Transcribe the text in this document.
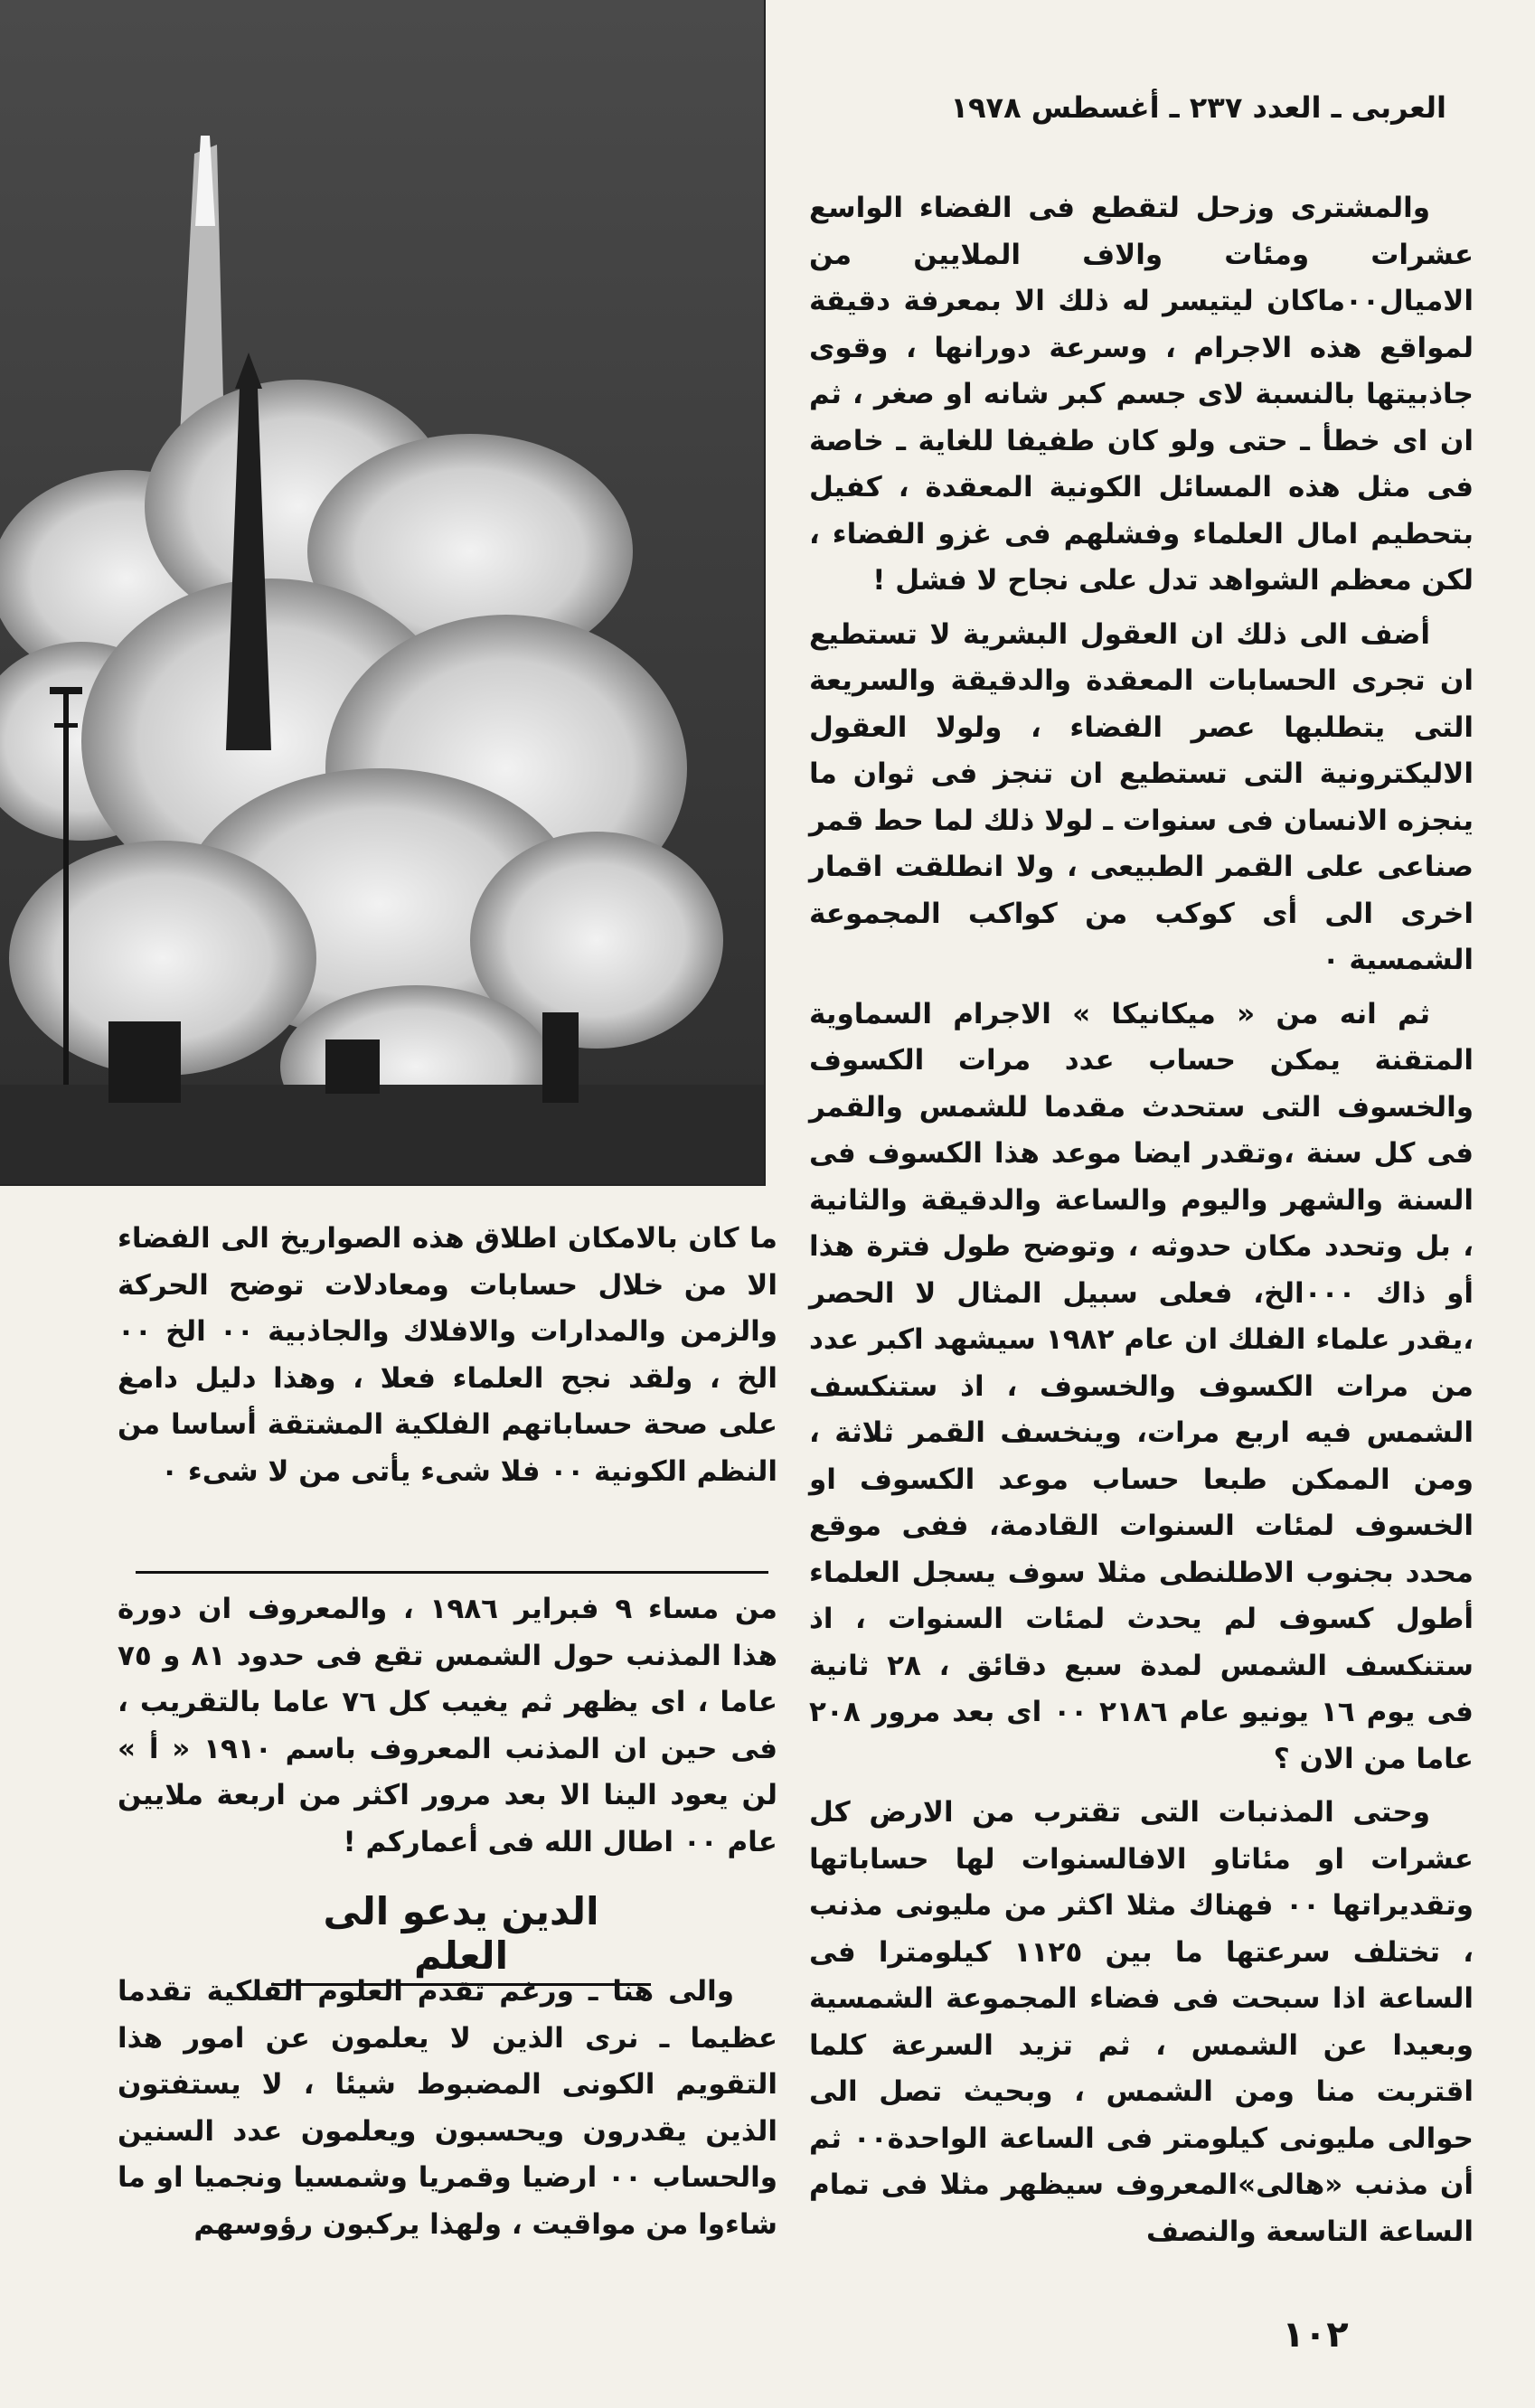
العربى ـ العدد ٢٣٧ ـ أغسطس ١٩٧٨

والمشترى وزحل لتقطع فى الفضاء الواسع عشرات ومئات والاف الملايين من الاميال٠٠ماكان ليتيسر له ذلك الا بمعرفة دقيقة لمواقع هذه الاجرام ، وسرعة دورانها ، وقوى جاذبيتها بالنسبة لاى جسم كبر شانه او صغر ، ثم ان اى خطأ ـ حتى ولو كان طفيفا للغاية ـ خاصة فى مثل هذه المسائل الكونية المعقدة ، كفيل بتحطيم امال العلماء وفشلهم فى غزو الفضاء ، لكن معظم الشواهد تدل على نجاح لا فشل !

أضف الى ذلك ان العقول البشرية لا تستطيع ان تجرى الحسابات المعقدة والدقيقة والسريعة التى يتطلبها عصر الفضاء ، ولولا العقول الاليكترونية التى تستطيع ان تنجز فى ثوان ما ينجزه الانسان فى سنوات ـ لولا ذلك لما حط قمر صناعى على القمر الطبيعى ، ولا انطلقت اقمار اخرى الى أى كوكب من كواكب المجموعة الشمسية ٠

ثم انه من « ميكانيكا » الاجرام السماوية المتقنة يمكن حساب عدد مرات الكسوف والخسوف التى ستحدث مقدما للشمس والقمر فى كل سنة ،وتقدر ايضا موعد هذا الكسوف فى السنة والشهر واليوم والساعة والدقيقة والثانية ، بل وتحدد مكان حدوثه ، وتوضح طول فترة هذا أو ذاك ٠٠٠الخ، فعلى سبيل المثال لا الحصر ،يقدر علماء الفلك ان عام ١٩٨٢ سيشهد اكبر عدد من مرات الكسوف والخسوف ، اذ ستنكسف الشمس فيه اربع مرات، وينخسف القمر ثلاثة ، ومن الممكن طبعا حساب موعد الكسوف او الخسوف لمئات السنوات القادمة، ففى موقع محدد بجنوب الاطلنطى مثلا سوف يسجل العلماء أطول كسوف لم يحدث لمئات السنوات ، اذ ستنكسف الشمس لمدة سبع دقائق ، ٢٨ ثانية فى يوم ١٦ يونيو عام ٢١٨٦ ٠٠ اى بعد مرور ٢٠٨ عاما من الان ؟

وحتى المذنبات التى تقترب من الارض كل عشرات او مئاتاو الافالسنوات لها حساباتها وتقديراتها ٠٠ فهناك مثلا اكثر من مليونى مذنب ، تختلف سرعتها ما بين ١١٢٥ كيلومترا فى الساعة اذا سبحت فى فضاء المجموعة الشمسية وبعيدا عن الشمس ، ثم تزيد السرعة كلما اقتربت منا ومن الشمس ، وبحيث تصل الى حوالى مليونى كيلومتر فى الساعة الواحدة٠٠ ثم أن مذنب «هالى»المعروف سيظهر مثلا فى تمام الساعة التاسعة والنصف

ما كان بالامكان اطلاق هذه الصواريخ الى الفضاء الا من خلال حسابات ومعادلات توضح الحركة والزمن والمدارات والافلاك والجاذبية ٠٠ الخ ٠٠ الخ ، ولقد نجح العلماء فعلا ، وهذا دليل دامغ على صحة حساباتهم الفلكية المشتقة أساسا من النظم الكونية ٠٠ فلا شىء يأتى من لا شىء ٠

من مساء ٩ فبراير ١٩٨٦ ، والمعروف ان دورة هذا المذنب حول الشمس تقع فى حدود ٨١ و ٧٥ عاما ، اى يظهر ثم يغيب كل ٧٦ عاما بالتقريب ، فى حين ان المذنب المعروف باسم ١٩١٠ « أ » لن يعود الينا الا بعد مرور اكثر من اربعة ملايين عام ٠٠ اطال الله فى أعماركم !

الدين يدعو الى العلم

والى هنا ـ ورغم تقدم العلوم الفلكية تقدما عظيما ـ نرى الذين لا يعلمون عن امور هذا التقويم الكونى المضبوط شيئا ، لا يستفتون الذين يقدرون ويحسبون ويعلمون عدد السنين والحساب ٠٠ ارضيا وقمريا وشمسيا ونجميا او ما شاءوا من مواقيت ، ولهذا يركبون رؤوسهم

١٠٢
